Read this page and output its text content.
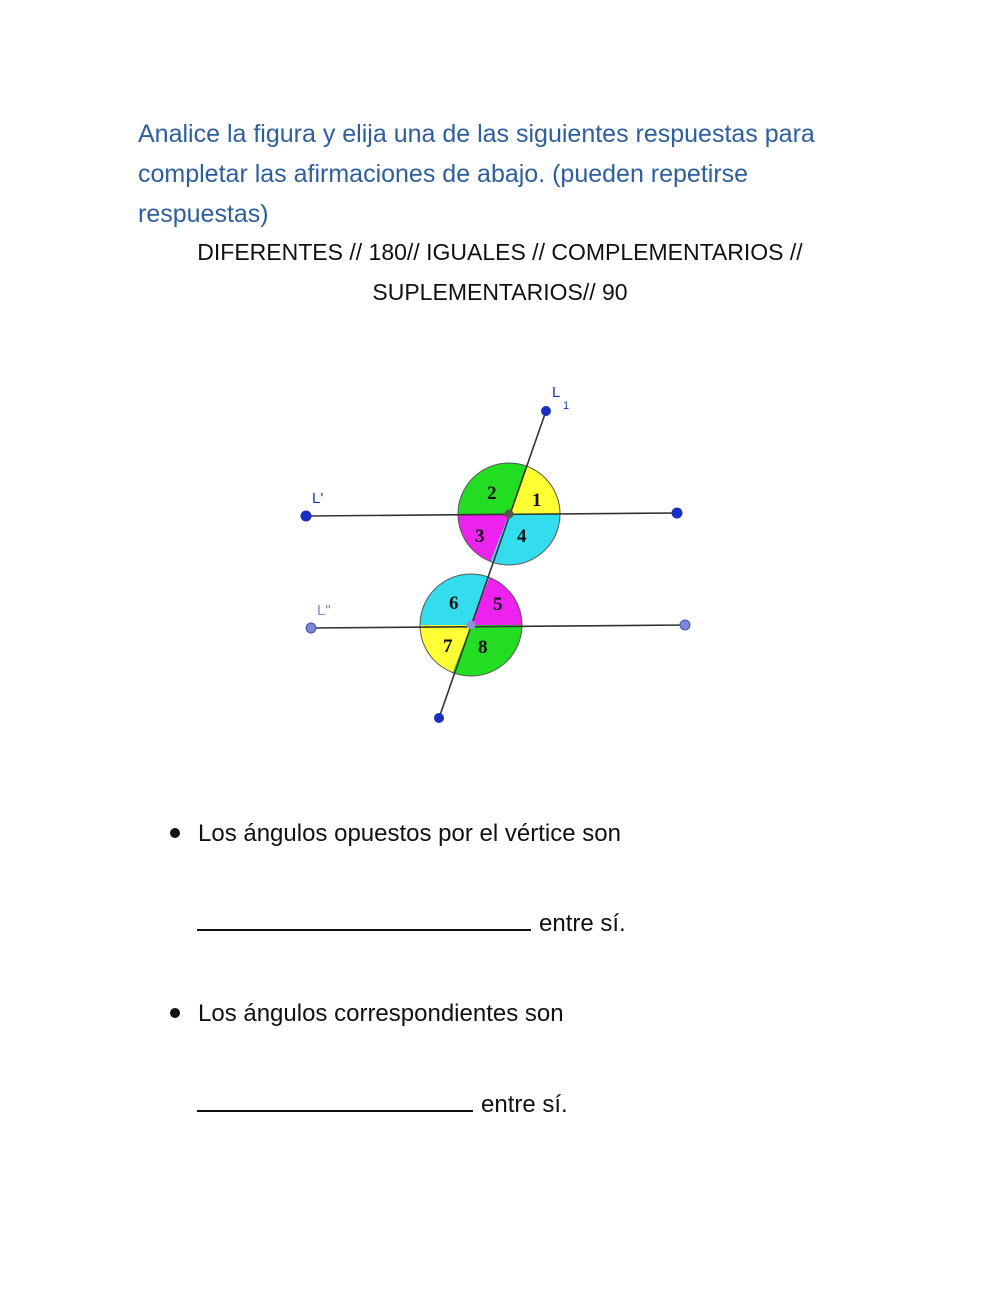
Analice la figura y elija una de las siguientes respuestas para completar las afirmaciones de abajo. (pueden repetirse respuestas)

DIFERENTES // 180// IGUALES // COMPLEMENTARIOS //
SUPLEMENTARIOS// 90
1
2
3 4
5
6
7 8
L
1
L'
L"
Los ángulos opuestos por el vértice son
entre sí.
Los ángulos correspondientes son
entre sí.
